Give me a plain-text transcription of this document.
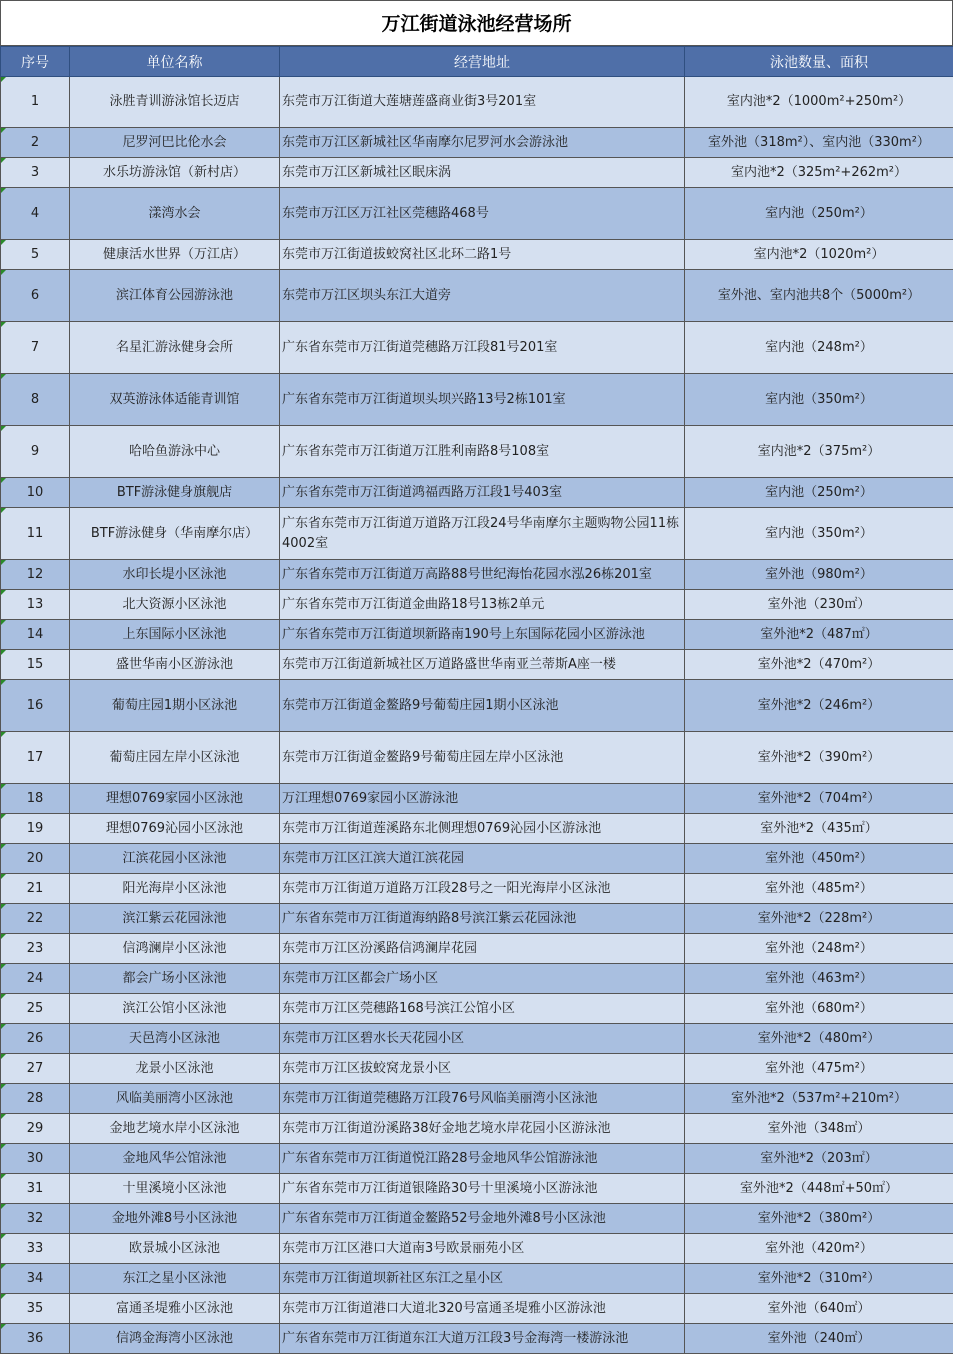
万江街道泳池经营场所
序号	单位名称	经营地址	泳池数量、面积
1	泳胜青训游泳馆长迈店	东莞市万江街道大莲塘莲盛商业街3号201室	室内池*2（1000m²+250m²）
2	尼罗河巴比伦水会	东莞市万江区新城社区华南摩尔尼罗河水会游泳池	室外池（318m²）、室内池（330m²）
3	水乐坊游泳馆（新村店）	东莞市万江区新城社区眠床涡	室内池*2（325m²+262m²）
4	漾湾水会	东莞市万江区万江社区莞穗路468号	室内池（250m²）
5	健康活水世界（万江店）	东莞市万江街道拔蛟窝社区北环二路1号	室内池*2（1020m²）
6	滨江体育公园游泳池	东莞市万江区坝头东江大道旁	室外池、室内池共8个（5000m²）
7	名星汇游泳健身会所	广东省东莞市万江街道莞穗路万江段81号201室	室内池（248m²）
8	双英游泳体适能青训馆	广东省东莞市万江街道坝头坝兴路13号2栋101室	室内池（350m²）
9	哈哈鱼游泳中心	广东省东莞市万江街道万江胜利南路8号108室	室内池*2（375m²）
10	BTF游泳健身旗舰店	广东省东莞市万江街道鸿福西路万江段1号403室	室内池（250m²）
11	BTF游泳健身（华南摩尔店）	广东省东莞市万江街道万道路万江段24号华南摩尔主题购物公园11栋4002室	室内池（350m²）
12	水印长堤小区泳池	广东省东莞市万江街道万高路88号世纪海怡花园水泓26栋201室	室外池（980m²）
13	北大资源小区泳池	广东省东莞市万江街道金曲路18号13栋2单元	室外池（230㎡）
14	上东国际小区泳池	广东省东莞市万江街道坝新路南190号上东国际花园小区游泳池	室外池*2（487㎡）
15	盛世华南小区游泳池	东莞市万江街道新城社区万道路盛世华南亚兰蒂斯A座一楼	室外池*2（470m²）
16	葡萄庄园1期小区泳池	东莞市万江街道金鳌路9号葡萄庄园1期小区泳池	室外池*2（246m²）
17	葡萄庄园左岸小区泳池	东莞市万江街道金鳌路9号葡萄庄园左岸小区泳池	室外池*2（390m²）
18	理想0769家园小区泳池	万江理想0769家园小区游泳池	室外池*2（704m²）
19	理想0769沁园小区泳池	东莞市万江街道莲溪路东北侧理想0769沁园小区游泳池	室外池*2（435㎡）
20	江滨花园小区泳池	东莞市万江区江滨大道江滨花园	室外池（450m²）
21	阳光海岸小区泳池	东莞市万江街道万道路万江段28号之一阳光海岸小区泳池	室外池（485m²）
22	滨江紫云花园泳池	广东省东莞市万江街道海纳路8号滨江紫云花园泳池	室外池*2（228m²）
23	信鸿澜岸小区泳池	东莞市万江区汾溪路信鸿澜岸花园	室外池（248m²）
24	都会广场小区泳池	东莞市万江区都会广场小区	室外池（463m²）
25	滨江公馆小区泳池	东莞市万江区莞穗路168号滨江公馆小区	室外池（680m²）
26	天邑湾小区泳池	东莞市万江区碧水长天花园小区	室外池*2（480m²）
27	龙景小区泳池	东莞市万江区拔蛟窝龙景小区	室外池（475m²）
28	风临美丽湾小区泳池	东莞市万江街道莞穗路万江段76号风临美丽湾小区泳池	室外池*2（537m²+210m²）
29	金地艺境水岸小区泳池	东莞市万江街道汾溪路38好金地艺境水岸花园小区游泳池	室外池（348㎡）
30	金地风华公馆泳池	广东省东莞市万江街道悦江路28号金地风华公馆游泳池	室外池*2（203㎡）
31	十里溪境小区泳池	广东省东莞市万江街道银隆路30号十里溪境小区游泳池	室外池*2（448㎡+50㎡）
32	金地外滩8号小区泳池	广东省东莞市万江街道金鳌路52号金地外滩8号小区泳池	室外池*2（380m²）
33	欧景城小区泳池	东莞市万江区港口大道南3号欧景丽苑小区	室外池（420m²）
34	东江之星小区泳池	东莞市万江街道坝新社区东江之星小区	室外池*2（310m²）
35	富通圣堤雅小区泳池	东莞市万江街道港口大道北320号富通圣堤雅小区游泳池	室外池（640㎡）
36	信鸿金海湾小区泳池	广东省东莞市万江街道东江大道万江段3号金海湾一楼游泳池	室外池（240㎡）
